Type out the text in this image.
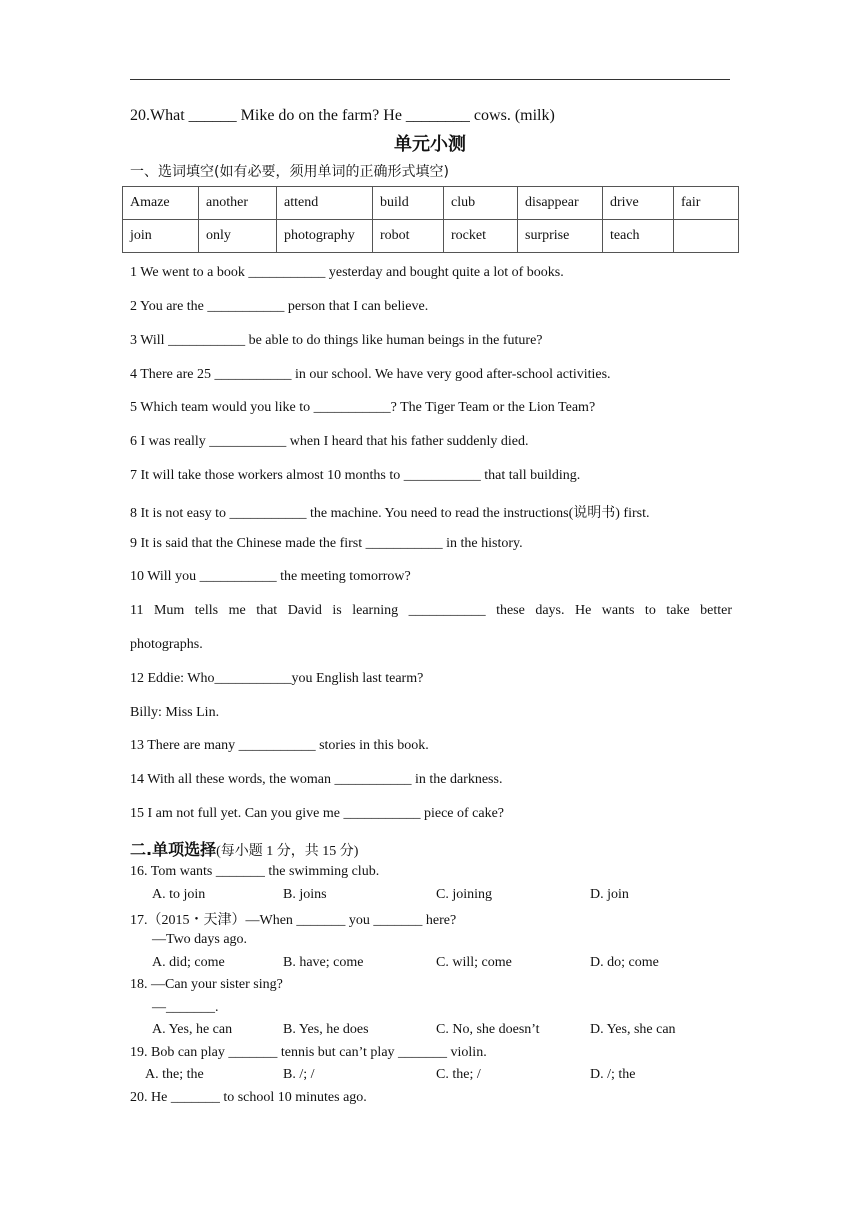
20.What ______ Mike do on the farm? He ________ cows. (milk)
单元小测
一、选词填空(如有必要，须用单词的正确形式填空)
Amaze	another	attend	build	club	disappear	drive	fair
join	only	photography	robot	rocket	surprise	teach	
1 We went to a book ___________ yesterday and bought quite a lot of books.
2 You are the ___________ person that I can believe.
3 Will ___________ be able to do things like human beings in the future?
4 There are 25 ___________ in our school. We have very good after-school activities.
5 Which team would you like to ___________? The Tiger Team or the Lion Team?
6 I was really ___________ when I heard that his father suddenly died.
7 It will take those workers almost 10 months to ___________ that tall building.
8 It is not easy to ___________ the machine. You need to read the instructions(说明书) first.
9 It is said that the Chinese made the first ___________ in the history.
10 Will you ___________ the meeting tomorrow?
11 Mum tells me that David is learning ___________ these days. He wants to take better
photographs.
12 Eddie: Who___________you English last tearm?
Billy: Miss Lin.
13 There are many ___________ stories in this book.
14 With all these words, the woman ___________ in the darkness.
15 I am not full yet. Can you give me ___________ piece of cake?
二.单项选择(每小题 1 分，共 15 分)
16. Tom wants _______ the swimming club.
A. to join	B. joins	C. joining	D. join
17.（2015・天津）—When _______ you _______ here?
—Two days ago.
A. did; come	B. have; come	C. will; come	D. do; come
18. —Can your sister sing?
—_______.
A. Yes, he can	B. Yes, he does	C. No, she doesn’t	D. Yes, she can
19. Bob can play _______ tennis but can’t play _______ violin.
A. the; the	B. /; /	C. the; /	D. /; the
20. He _______ to school 10 minutes ago.
